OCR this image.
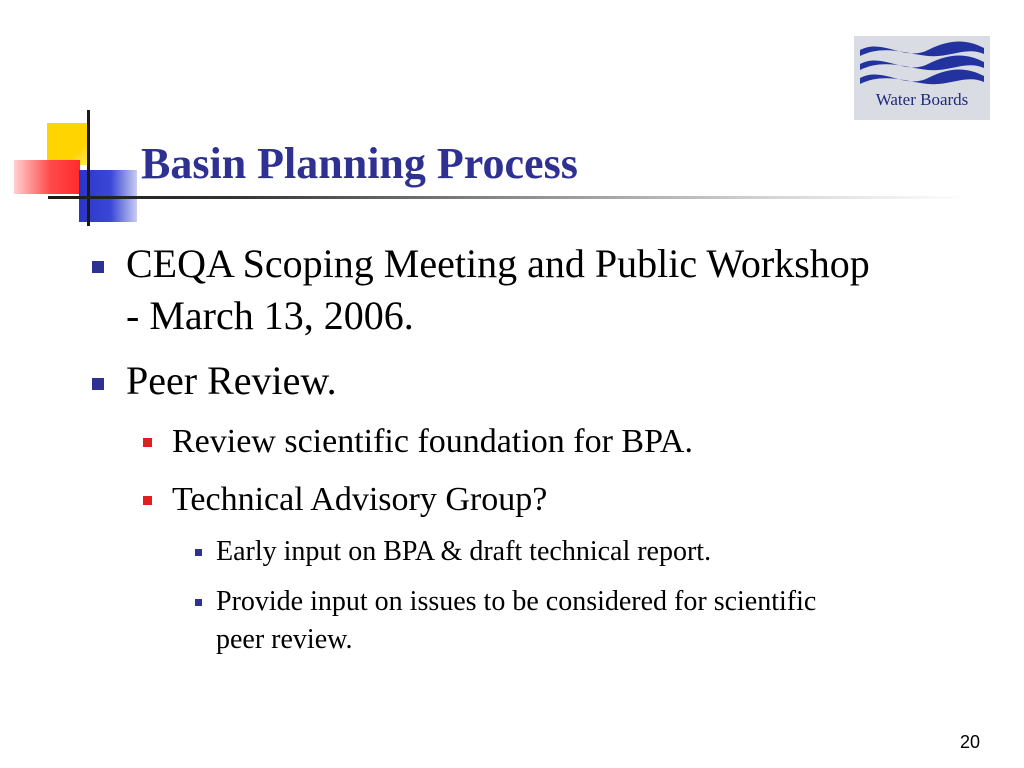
Water Boards
Basin Planning Process
CEQA Scoping Meeting and Public Workshop - March 13, 2006.
Peer Review.
Review scientific foundation for BPA.
Technical Advisory Group?
Early input on BPA & draft technical report.
Provide input on issues to be considered for scientific peer review.
20
